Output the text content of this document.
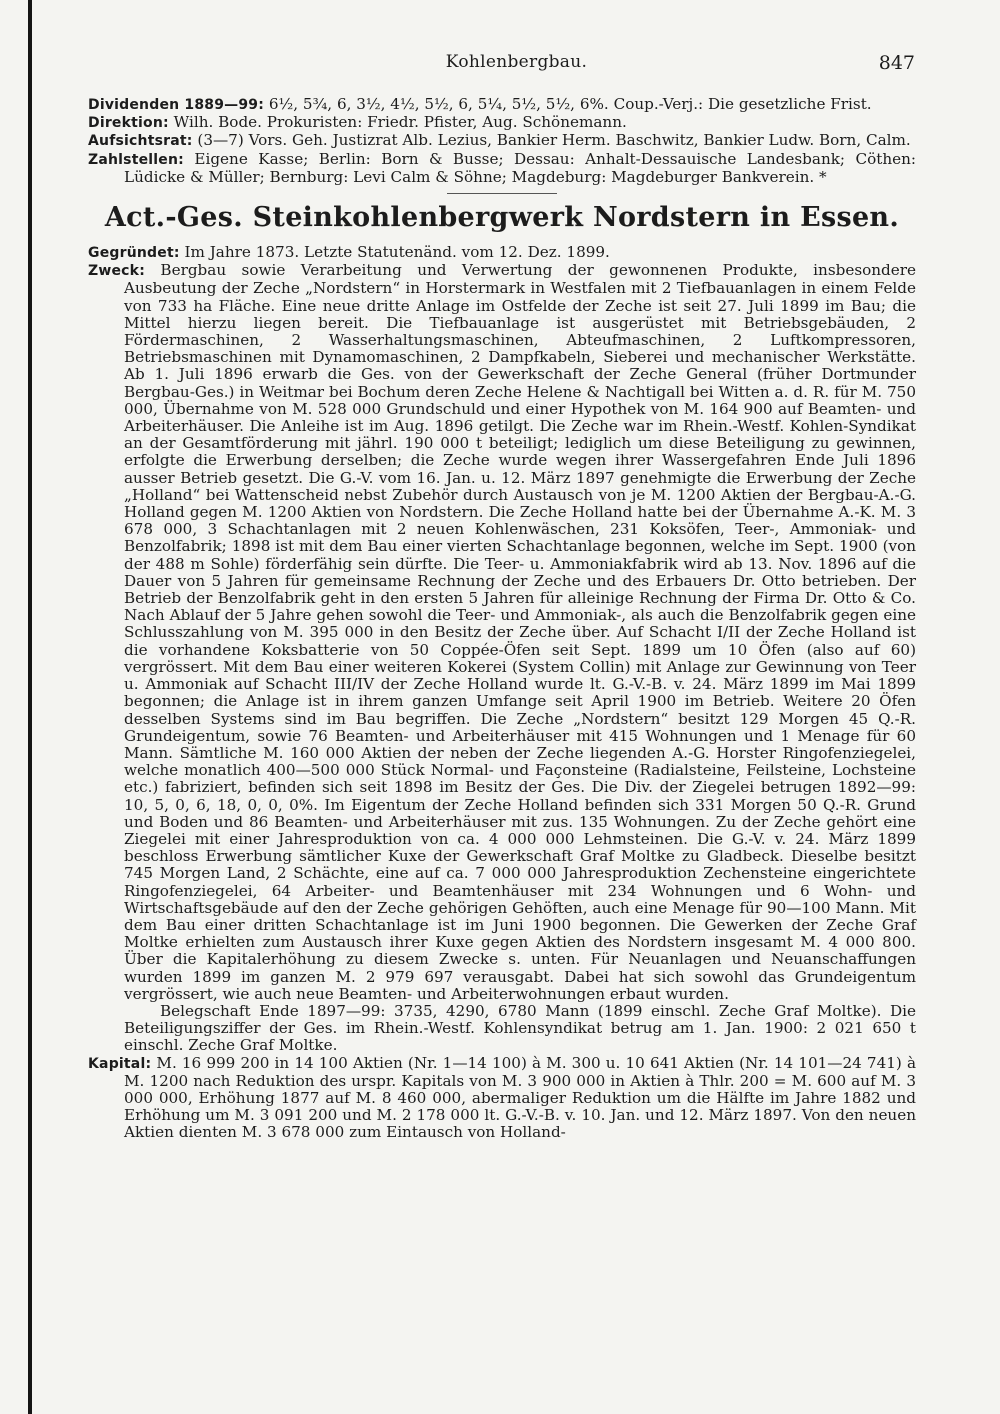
Kohlenbergbau.	847

Dividenden 1889—99: 6½, 5¾, 6, 3½, 4½, 5½, 6, 5¼, 5½, 5½, 6%. Coup.-Verj.: Die gesetzliche Frist.

Direktion: Wilh. Bode. Prokuristen: Friedr. Pfister, Aug. Schönemann.

Aufsichtsrat: (3—7) Vors. Geh. Justizrat Alb. Lezius, Bankier Herm. Baschwitz, Bankier Ludw. Born, Calm.

Zahlstellen: Eigene Kasse; Berlin: Born & Busse; Dessau: Anhalt-Dessauische Landesbank; Cöthen: Lüdicke & Müller; Bernburg: Levi Calm & Söhne; Magdeburg: Magdeburger Bankverein. *

Act.-Ges. Steinkohlenbergwerk Nordstern in Essen.

Gegründet: Im Jahre 1873. Letzte Statutenänd. vom 12. Dez. 1899.

Zweck: Bergbau sowie Verarbeitung und Verwertung der gewonnenen Produkte, insbesondere Ausbeutung der Zeche „Nordstern“ in Horstermark in Westfalen mit 2 Tiefbauanlagen in einem Felde von 733 ha Fläche. Eine neue dritte Anlage im Ostfelde der Zeche ist seit 27. Juli 1899 im Bau; die Mittel hierzu liegen bereit. Die Tiefbauanlage ist ausgerüstet mit Betriebsgebäuden, 2 Fördermaschinen, 2 Wasserhaltungsmaschinen, Abteufmaschinen, 2 Luftkompressoren, Betriebsmaschinen mit Dynamomaschinen, 2 Dampfkabeln, Sieberei und mechanischer Werkstätte. Ab 1. Juli 1896 erwarb die Ges. von der Gewerkschaft der Zeche General (früher Dortmunder Bergbau-Ges.) in Weitmar bei Bochum deren Zeche Helene & Nachtigall bei Witten a. d. R. für M. 750 000, Übernahme von M. 528 000 Grundschuld und einer Hypothek von M. 164 900 auf Beamten- und Arbeiterhäuser. Die Anleihe ist im Aug. 1896 getilgt. Die Zeche war im Rhein.-Westf. Kohlen-Syndikat an der Gesamtförderung mit jährl. 190 000 t beteiligt; lediglich um diese Beteiligung zu gewinnen, erfolgte die Erwerbung derselben; die Zeche wurde wegen ihrer Wassergefahren Ende Juli 1896 ausser Betrieb gesetzt. Die G.-V. vom 16. Jan. u. 12. März 1897 genehmigte die Erwerbung der Zeche „Holland“ bei Wattenscheid nebst Zubehör durch Austausch von je M. 1200 Aktien der Bergbau-A.-G. Holland gegen M. 1200 Aktien von Nordstern. Die Zeche Holland hatte bei der Übernahme A.-K. M. 3 678 000, 3 Schachtanlagen mit 2 neuen Kohlenwäschen, 231 Koksöfen, Teer-, Ammoniak- und Benzolfabrik; 1898 ist mit dem Bau einer vierten Schachtanlage begonnen, welche im Sept. 1900 (von der 488 m Sohle) förderfähig sein dürfte. Die Teer- u. Ammoniakfabrik wird ab 13. Nov. 1896 auf die Dauer von 5 Jahren für gemeinsame Rechnung der Zeche und des Erbauers Dr. Otto betrieben. Der Betrieb der Benzolfabrik geht in den ersten 5 Jahren für alleinige Rechnung der Firma Dr. Otto & Co. Nach Ablauf der 5 Jahre gehen sowohl die Teer- und Ammoniak-, als auch die Benzolfabrik gegen eine Schlusszahlung von M. 395 000 in den Besitz der Zeche über. Auf Schacht I/II der Zeche Holland ist die vorhandene Koksbatterie von 50 Coppée-Öfen seit Sept. 1899 um 10 Öfen (also auf 60) vergrössert. Mit dem Bau einer weiteren Kokerei (System Collin) mit Anlage zur Gewinnung von Teer u. Ammoniak auf Schacht III/IV der Zeche Holland wurde lt. G.-V.-B. v. 24. März 1899 im Mai 1899 begonnen; die Anlage ist in ihrem ganzen Umfange seit April 1900 im Betrieb. Weitere 20 Öfen desselben Systems sind im Bau begriffen. Die Zeche „Nordstern“ besitzt 129 Morgen 45 Q.-R. Grundeigentum, sowie 76 Beamten- und Arbeiterhäuser mit 415 Wohnungen und 1 Menage für 60 Mann. Sämtliche M. 160 000 Aktien der neben der Zeche liegenden A.-G. Horster Ringofenziegelei, welche monatlich 400—500 000 Stück Normal- und Façonsteine (Radialsteine, Feilsteine, Lochsteine etc.) fabriziert, befinden sich seit 1898 im Besitz der Ges. Die Div. der Ziegelei betrugen 1892—99: 10, 5, 0, 6, 18, 0, 0, 0%. Im Eigentum der Zeche Holland befinden sich 331 Morgen 50 Q.-R. Grund und Boden und 86 Beamten- und Arbeiterhäuser mit zus. 135 Wohnungen. Zu der Zeche gehört eine Ziegelei mit einer Jahresproduktion von ca. 4 000 000 Lehmsteinen. Die G.-V. v. 24. März 1899 beschloss Erwerbung sämtlicher Kuxe der Gewerkschaft Graf Moltke zu Gladbeck. Dieselbe besitzt 745 Morgen Land, 2 Schächte, eine auf ca. 7 000 000 Jahresproduktion Zechensteine eingerichtete Ringofenziegelei, 64 Arbeiter- und Beamtenhäuser mit 234 Wohnungen und 6 Wohn- und Wirtschaftsgebäude auf den der Zeche gehörigen Gehöften, auch eine Menage für 90—100 Mann. Mit dem Bau einer dritten Schachtanlage ist im Juni 1900 begonnen. Die Gewerken der Zeche Graf Moltke erhielten zum Austausch ihrer Kuxe gegen Aktien des Nordstern insgesamt M. 4 000 800. Über die Kapitalerhöhung zu diesem Zwecke s. unten. Für Neuanlagen und Neuanschaffungen wurden 1899 im ganzen M. 2 979 697 verausgabt. Dabei hat sich sowohl das Grundeigentum vergrössert, wie auch neue Beamten- und Arbeiterwohnungen erbaut wurden.

Belegschaft Ende 1897—99: 3735, 4290, 6780 Mann (1899 einschl. Zeche Graf Moltke). Die Beteiligungsziffer der Ges. im Rhein.-Westf. Kohlensyndikat betrug am 1. Jan. 1900: 2 021 650 t einschl. Zeche Graf Moltke.

Kapital: M. 16 999 200 in 14 100 Aktien (Nr. 1—14 100) à M. 300 u. 10 641 Aktien (Nr. 14 101—24 741) à M. 1200 nach Reduktion des urspr. Kapitals von M. 3 900 000 in Aktien à Thlr. 200 = M. 600 auf M. 3 000 000, Erhöhung 1877 auf M. 8 460 000, abermaliger Reduktion um die Hälfte im Jahre 1882 und Erhöhung um M. 3 091 200 und M. 2 178 000 lt. G.-V.-B. v. 10. Jan. und 12. März 1897. Von den neuen Aktien dienten M. 3 678 000 zum Eintausch von Holland-
